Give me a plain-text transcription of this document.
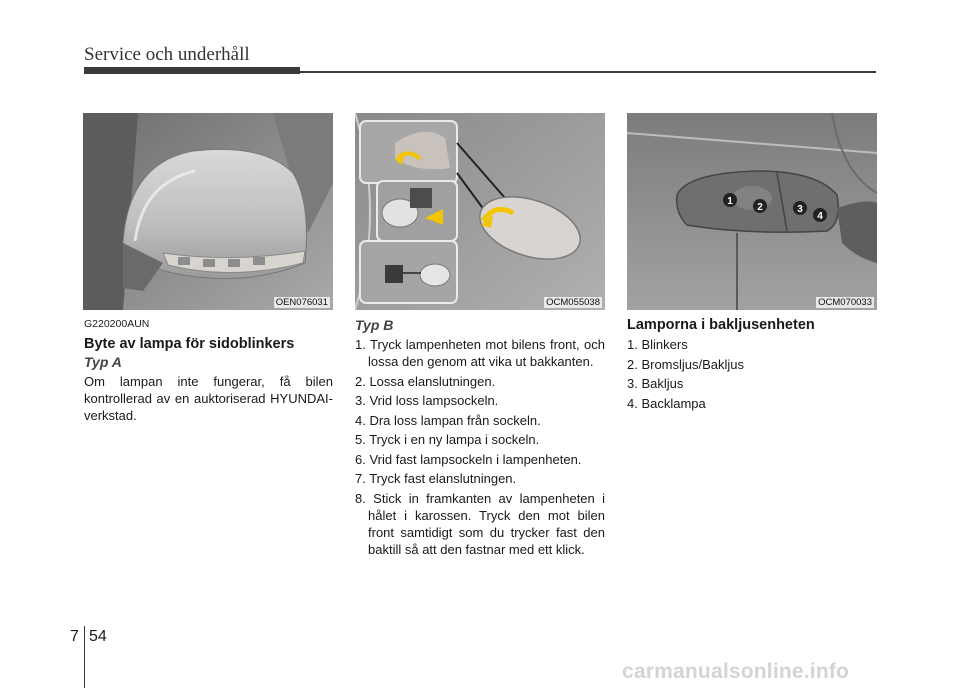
Service och underhåll
OEN076031	OCM055038
1
2	3
4
OCM070033
G220200AUN
Byte av lampa för sidoblinkers
Typ A
Om lampan inte fungerar, få bilen kontrollerad av en auktoriserad HYUNDAI-verkstad.
Typ B
1. Tryck lampenheten mot bilens front, och lossa den genom att vika ut bakkanten.
2. Lossa elanslutningen.
3. Vrid loss lampsockeln.
4. Dra loss lampan från sockeln.
5. Tryck i en ny lampa i sockeln.
6. Vrid fast lampsockeln i lampenheten.
7. Tryck fast elanslutningen.
8. Stick in framkanten av lampenheten i hålet i karossen. Tryck den mot bilen front samtidigt som du trycker fast den baktill så att den fastnar med ett klick.
Lamporna i bakljusenheten
1. Blinkers
2. Bromsljus/Bakljus
3. Bakljus
4. Backlampa
7 54
carmanualsonline.info
